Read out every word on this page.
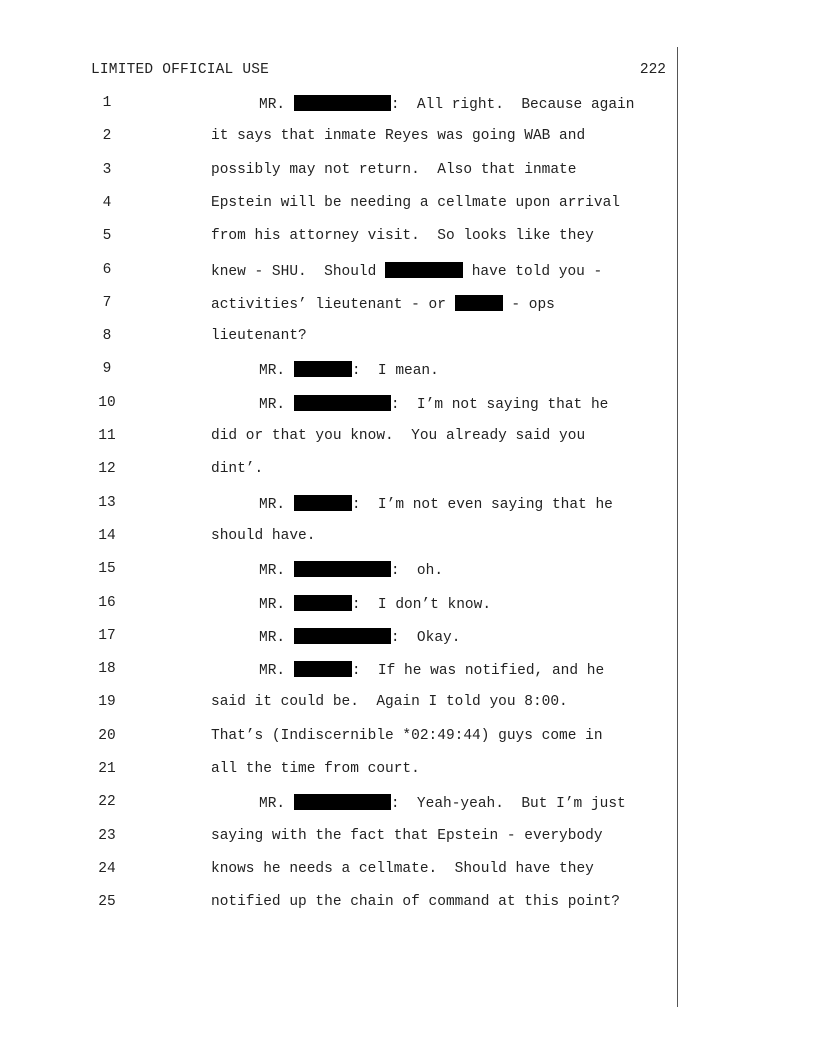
LIMITED OFFICIAL USE	222
1	MR.	:  All right.  Because again
2	it says that inmate Reyes was going WAB and
3	possibly may not return.  Also that inmate
4	Epstein will be needing a cellmate upon arrival
5	from his attorney visit.  So looks like they
6	knew - SHU.  Should	have told you -
7	activities’ lieutenant - or	- ops
8	lieutenant?
9	MR.	:  I mean.
10	MR.	:  I’m not saying that he
11	did or that you know.  You already said you
12	dint’.
13	MR.	:  I’m not even saying that he
14	should have.
15	MR.	:  oh.
16	MR.	:  I don’t know.
17	MR.	:  Okay.
18	MR.	:  If he was notified, and he
19	said it could be.  Again I told you 8:00.
20	That’s (Indiscernible *02:49:44) guys come in
21	all the time from court.
22	MR.	:  Yeah-yeah.  But I’m just
23	saying with the fact that Epstein - everybody
24	knows he needs a cellmate.  Should have they
25	notified up the chain of command at this point?
